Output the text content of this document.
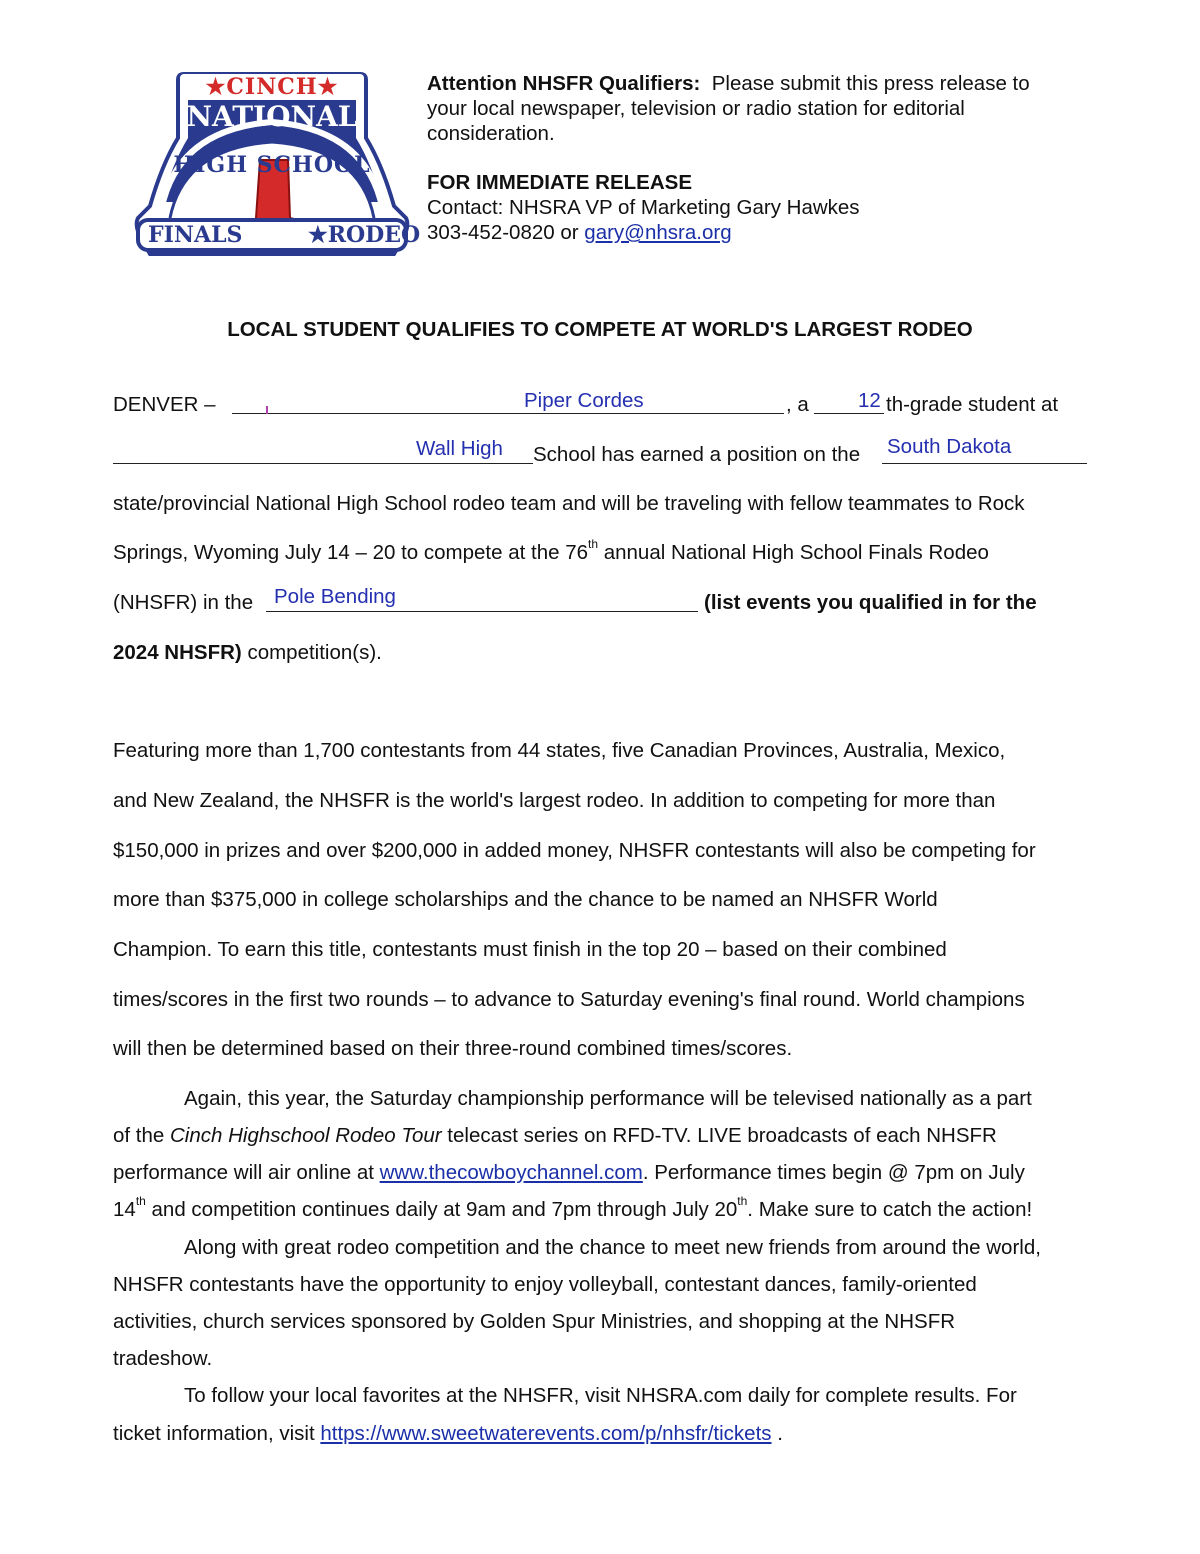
★CINCH★
NATIONAL
HIGH SCHOOL
FINALS	★RODEO
Attention NHSFR Qualifiers: Please submit this press release to
your local newspaper, television or radio station for editorial
consideration.
FOR IMMEDIATE RELEASE
Contact: NHSRA VP of Marketing Gary Hawkes
303-452-0820 or gary@nhsra.org
LOCAL STUDENT QUALIFIES TO COMPETE AT WORLD'S LARGEST RODEO
DENVER –	Piper Cordes	, a 12 th-grade student at
Wall High School has earned a position on the South Dakota
state/provincial National High School rodeo team and will be traveling with fellow teammates to Rock
Springs, Wyoming July 14 – 20 to compete at the 76th annual National High School Finals Rodeo
(NHSFR) in the Pole Bending	(list events you qualified in for the
2024 NHSFR) competition(s).
Featuring more than 1,700 contestants from 44 states, five Canadian Provinces, Australia, Mexico,
and New Zealand, the NHSFR is the world's largest rodeo. In addition to competing for more than
$150,000 in prizes and over $200,000 in added money, NHSFR contestants will also be competing for
more than $375,000 in college scholarships and the chance to be named an NHSFR World
Champion. To earn this title, contestants must finish in the top 20 – based on their combined
times/scores in the first two rounds – to advance to Saturday evening's final round. World champions
will then be determined based on their three-round combined times/scores.
Again, this year, the Saturday championship performance will be televised nationally as a part
of the Cinch Highschool Rodeo Tour telecast series on RFD-TV. LIVE broadcasts of each NHSFR
performance will air online at www.thecowboychannel.com. Performance times begin @ 7pm on July
14th and competition continues daily at 9am and 7pm through July 20th. Make sure to catch the action!
Along with great rodeo competition and the chance to meet new friends from around the world,
NHSFR contestants have the opportunity to enjoy volleyball, contestant dances, family-oriented
activities, church services sponsored by Golden Spur Ministries, and shopping at the NHSFR
tradeshow.
To follow your local favorites at the NHSFR, visit NHSRA.com daily for complete results. For
ticket information, visit https://www.sweetwaterevents.com/p/nhsfr/tickets .
